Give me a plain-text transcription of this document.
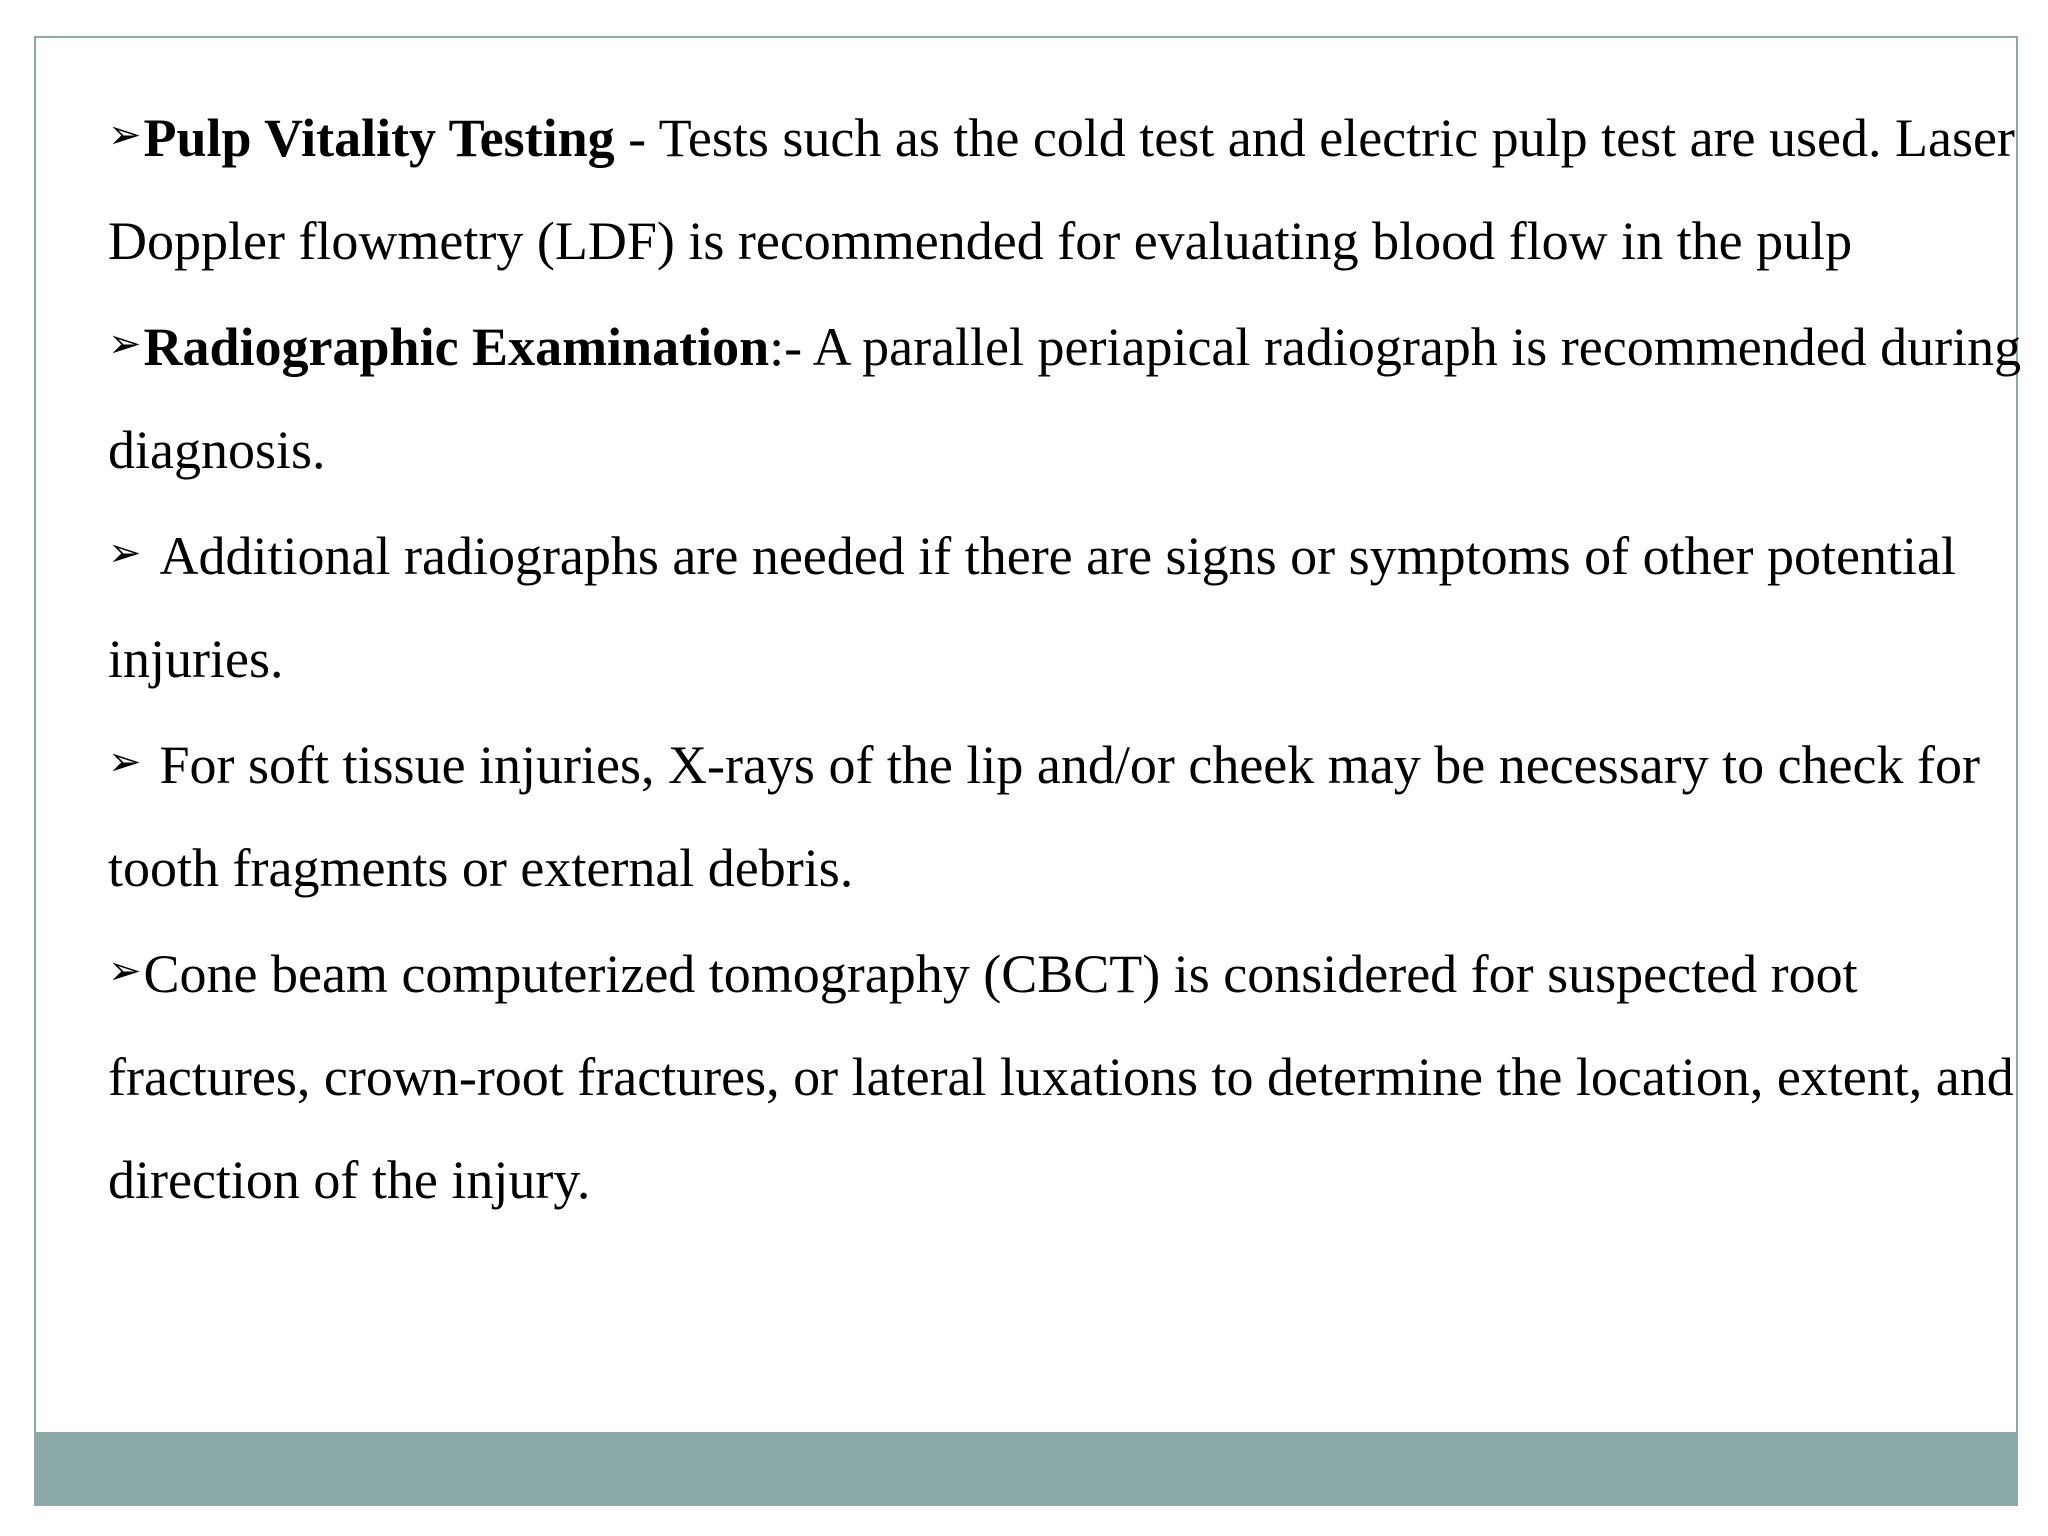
➢Pulp Vitality Testing - Tests such as the cold test and electric pulp test are used. Laser Doppler flowmetry (LDF) is recommended for evaluating blood flow in the pulp

➢Radiographic Examination:- A parallel periapical radiograph is recommended during diagnosis.

➢ Additional radiographs are needed if there are signs or symptoms of other potential injuries.

➢ For soft tissue injuries, X-rays of the lip and/or cheek may be necessary to check for tooth fragments or external debris.

➢Cone beam computerized tomography (CBCT) is considered for suspected root fractures, crown-root fractures, or lateral luxations to determine the location, extent, and direction of the injury.
